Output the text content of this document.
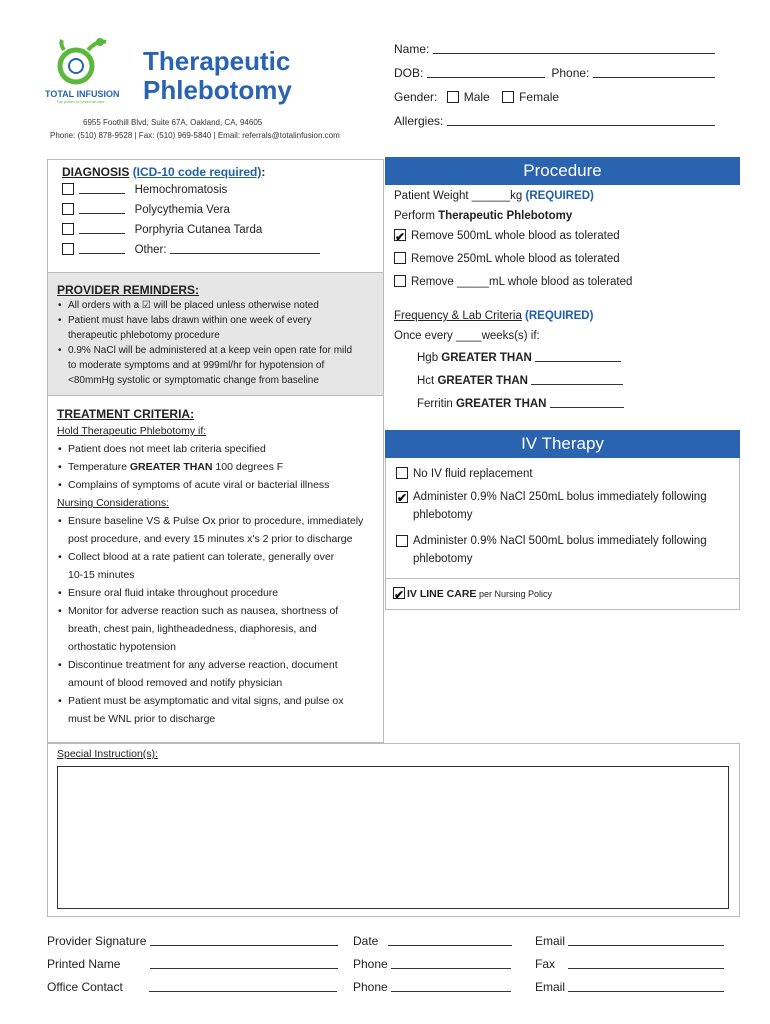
TOTAL INFUSION
The power of personal care
Therapeutic
Phlebotomy
6955 Foothill Blvd, Suite 67A, Oakland, CA, 94605
Phone: (510) 878-9528 | Fax: (510) 969-5840 | Email: referrals@totalinfusion.com
Name:
DOB:	Phone:
Gender: Male Female
Allergies:
DIAGNOSIS (ICD-10 code required):
Hemochromatosis
Polycythemia Vera
Porphyria Cutanea Tarda
Other:
PROVIDER REMINDERS:
• All orders with a ☑ will be placed unless otherwise noted
• Patient must have labs drawn within one week of every therapeutic phlebotomy procedure
• 0.9% NaCl will be administered at a keep vein open rate for mild to moderate symptoms and at 999ml/hr for hypotension of <80mmHg systolic or symptomatic change from baseline
TREATMENT CRITERIA:
Hold Therapeutic Phlebotomy if:
• Patient does not meet lab criteria specified
• Temperature GREATER THAN 100 degrees F
• Complains of symptoms of acute viral or bacterial illness
Nursing Considerations:
• Ensure baseline VS & Pulse Ox prior to procedure, immediately post procedure, and every 15 minutes x's 2 prior to discharge
• Collect blood at a rate patient can tolerate, generally over 10-15 minutes
• Ensure oral fluid intake throughout procedure
• Monitor for adverse reaction such as nausea, shortness of breath, chest pain, lightheadedness, diaphoresis, and orthostatic hypotension
• Discontinue treatment for any adverse reaction, document amount of blood removed and notify physician
• Patient must be asymptomatic and vital signs, and pulse ox must be WNL prior to discharge
Procedure
Patient Weight ______kg (REQUIRED)
Perform Therapeutic Phlebotomy
✔Remove 500mL whole blood as tolerated
Remove 250mL whole blood as tolerated
Remove _____mL whole blood as tolerated
Frequency & Lab Criteria (REQUIRED)
Once every ____weeks(s) if:
Hgb GREATER THAN
Hct GREATER THAN
Ferritin GREATER THAN
IV Therapy
No IV fluid replacement
✔
Administer 0.9% NaCl 250mL bolus immediately following phlebotomy
Administer 0.9% NaCl 500mL bolus immediately following phlebotomy
✔IV LINE CARE per Nursing Policy
Special Instruction(s):
Provider Signature
Printed Name
Office Contact
Date
Phone
Phone
Email
Fax
Email
